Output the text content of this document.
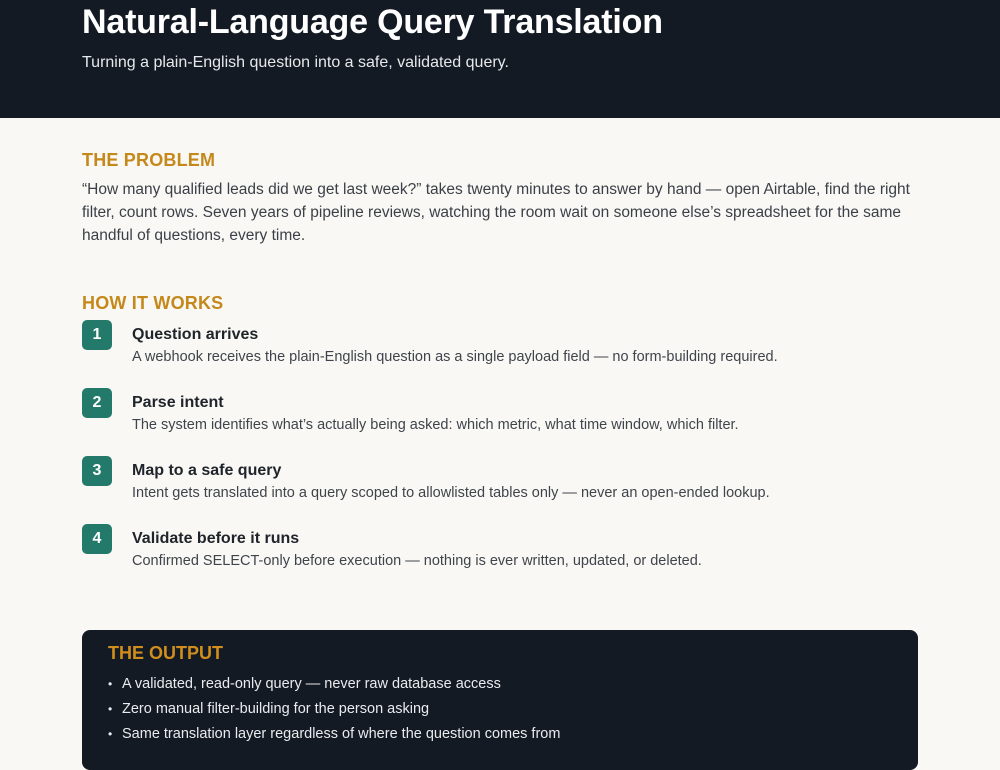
Natural-Language Query Translation

Turning a plain-English question into a safe, validated query.

THE PROBLEM

“How many qualified leads did we get last week?” takes twenty minutes to answer by hand — open Airtable, find the right filter, count rows. Seven years of pipeline reviews, watching the room wait on someone else’s spreadsheet for the same handful of questions, every time.

HOW IT WORKS
1	Question arrives
A webhook receives the plain-English question as a single payload field — no form-building required.
2	Parse intent
The system identifies what’s actually being asked: which metric, what time window, which filter.
3	Map to a safe query
Intent gets translated into a query scoped to allowlisted tables only — never an open-ended lookup.
4	Validate before it runs
Confirmed SELECT-only before execution — nothing is ever written, updated, or deleted.
THE OUTPUT
• A validated, read-only query — never raw database access
• Zero manual filter-building for the person asking
• Same translation layer regardless of where the question comes from
